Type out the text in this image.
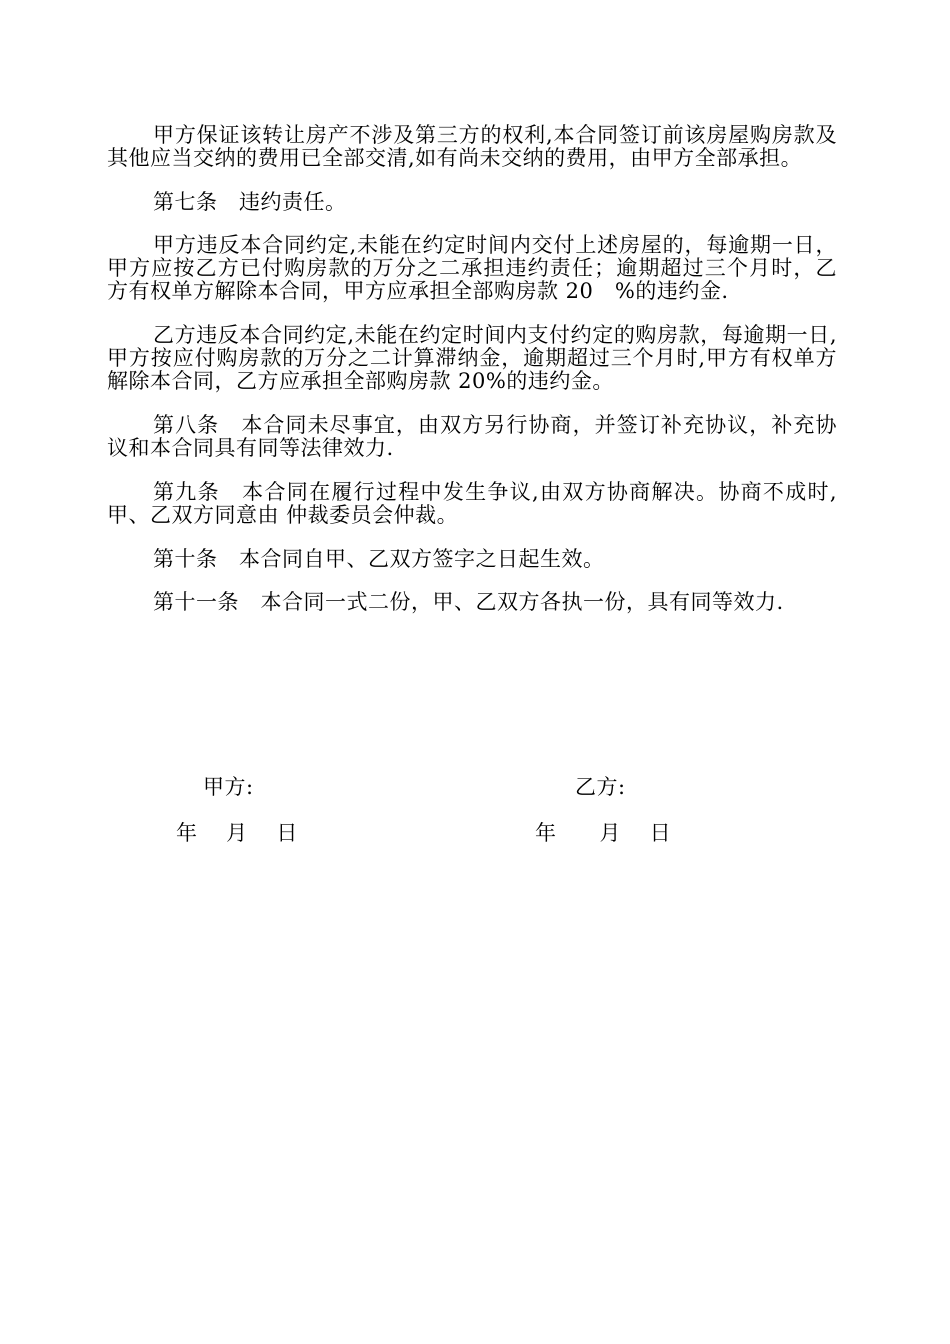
甲方保证该转让房产不涉及第三方的权利,本合同签订前该房屋购房款及其他应当交纳的费用已全部交清,如有尚未交纳的费用，由甲方全部承担。

第七条　违约责任。

甲方违反本合同约定,未能在约定时间内交付上述房屋的，每逾期一日，甲方应按乙方已付购房款的万分之二承担违约责任；逾期超过三个月时，乙方有权单方解除本合同，甲方应承担全部购房款 20　%的违约金.

乙方违反本合同约定,未能在约定时间内支付约定的购房款，每逾期一日,甲方按应付购房款的万分之二计算滞纳金，逾期超过三个月时,甲方有权单方解除本合同，乙方应承担全部购房款 20%的违约金。

第八条　本合同未尽事宜，由双方另行协商，并签订补充协议，补充协议和本合同具有同等法律效力.

第九条　本合同在履行过程中发生争议,由双方协商解决。协商不成时,甲、乙双方同意由 仲裁委员会仲裁。

第十条　本合同自甲、乙双方签字之日起生效。

第十一条　本合同一式二份，甲、乙双方各执一份，具有同等效力.

甲方:	乙方:
年　 月　 日	年　　月　 日
